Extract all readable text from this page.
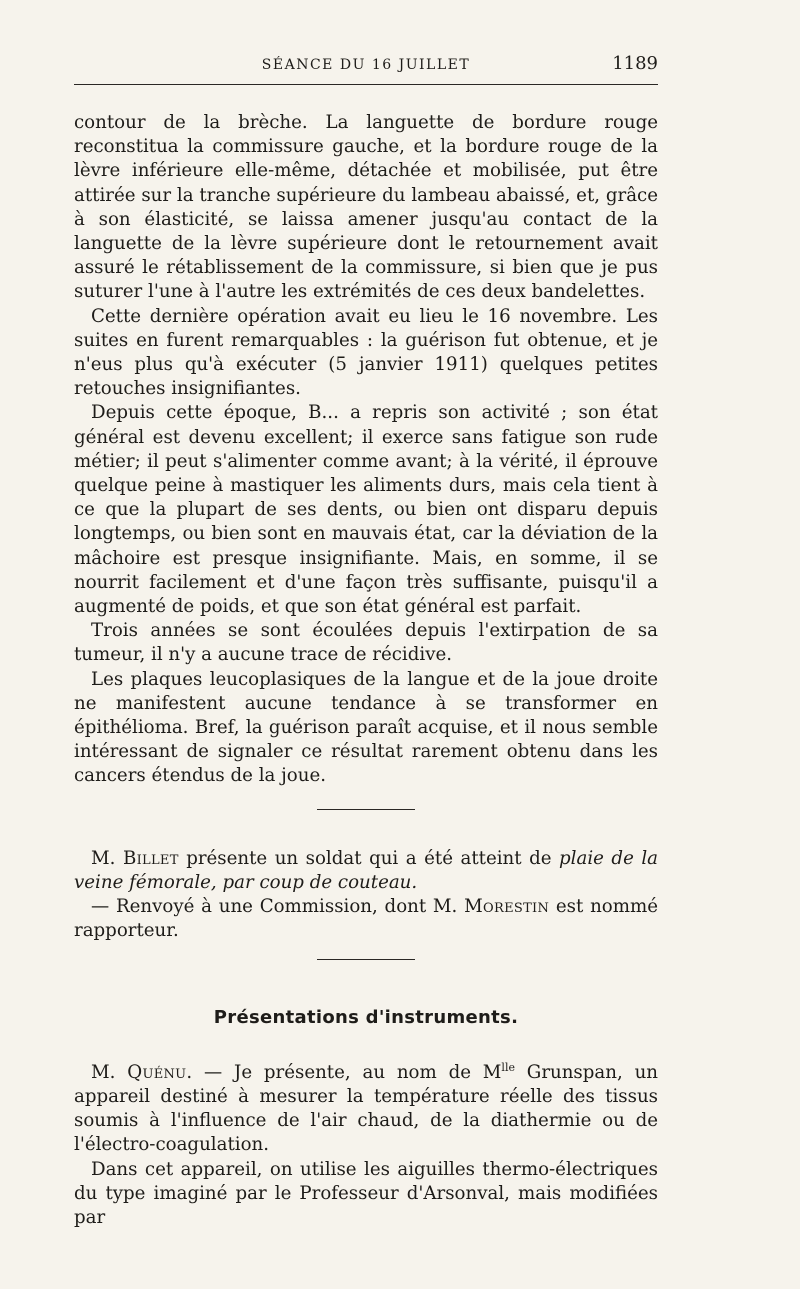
SÉANCE DU 16 JUILLET	1189

contour de la brèche. La languette de bordure rouge reconstitua la commissure gauche, et la bordure rouge de la lèvre inférieure elle-même, détachée et mobilisée, put être attirée sur la tranche supérieure du lambeau abaissé, et, grâce à son élasticité, se laissa amener jusqu'au contact de la languette de la lèvre supérieure dont le retournement avait assuré le rétablissement de la commissure, si bien que je pus suturer l'une à l'autre les extrémités de ces deux bandelettes.

Cette dernière opération avait eu lieu le 16 novembre. Les suites en furent remarquables : la guérison fut obtenue, et je n'eus plus qu'à exécuter (5 janvier 1911) quelques petites retouches insignifiantes.

Depuis cette époque, B... a repris son activité ; son état général est devenu excellent; il exerce sans fatigue son rude métier; il peut s'alimenter comme avant; à la vérité, il éprouve quelque peine à mastiquer les aliments durs, mais cela tient à ce que la plupart de ses dents, ou bien ont disparu depuis longtemps, ou bien sont en mauvais état, car la déviation de la mâchoire est presque insignifiante. Mais, en somme, il se nourrit facilement et d'une façon très suffisante, puisqu'il a augmenté de poids, et que son état général est parfait.

Trois années se sont écoulées depuis l'extirpation de sa tumeur, il n'y a aucune trace de récidive.

Les plaques leucoplasiques de la langue et de la joue droite ne manifestent aucune tendance à se transformer en épithélioma. Bref, la guérison paraît acquise, et il nous semble intéressant de signaler ce résultat rarement obtenu dans les cancers étendus de la joue.

M. Billet présente un soldat qui a été atteint de plaie de la veine fémorale, par coup de couteau.

— Renvoyé à une Commission, dont M. Morestin est nommé rapporteur.

Présentations d'instruments.

M. Quénu. — Je présente, au nom de $M^{lle}$ Grunspan, un appareil destiné à mesurer la température réelle des tissus soumis à l'influence de l'air chaud, de la diathermie ou de l'électro-coagulation.

Dans cet appareil, on utilise les aiguilles thermo-électriques du type imaginé par le Professeur d'Arsonval, mais modifiées par
